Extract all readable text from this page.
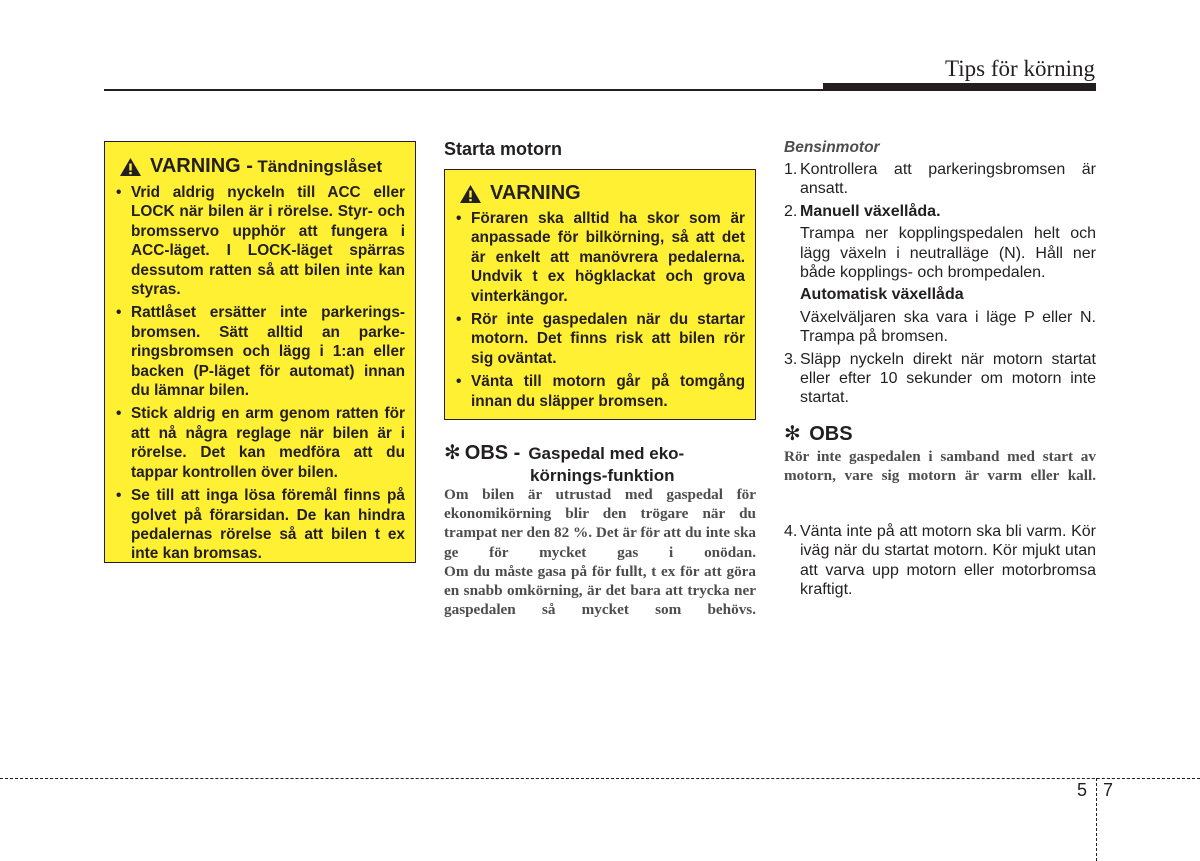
Tips för körning
VARNING - Tändningslåset
• Vrid aldrig nyckeln till ACC eller LOCK när bilen är i rörelse. Styr- och bromsservo upphör att fungera i ACC-läget. I LOCK-läget spärras dessutom ratten så att bilen inte kan styras.
• Rattlåset ersätter inte parkerings- bromsen. Sätt alltid an parke- ringsbromsen och lägg i 1:an eller backen (P-läget för automat) innan du lämnar bilen.
• Stick aldrig en arm genom ratten för att nå några reglage när bilen är i rörelse. Det kan medföra att du tappar kontrollen över bilen.
• Se till att inga lösa föremål finns på golvet på förarsidan. De kan hindra pedalernas rörelse så att bilen t ex inte kan bromsas.
Starta motorn
VARNING
• Föraren ska alltid ha skor som är anpassade för bilkörning, så att det är enkelt att manövrera pedalerna. Undvik t ex högklackat och grova vinterkängor.
• Rör inte gaspedalen när du startar motorn. Det finns risk att bilen rör sig oväntat.
• Vänta till motorn går på tomgång innan du släpper bromsen.
✻ OBS - Gaspedal med eko-
körnings-funktion

Om bilen är utrustad med gaspedal för ekonomikörning blir den trögare när du trampat ner den 82 %. Det är för att du inte ska ge för mycket gas i onödan.

Om du måste gasa på för fullt, t ex för att göra en snabb omkörning, är det bara att trycka ner gaspedalen så mycket som behövs.

Bensinmotor
1. Kontrollera att parkeringsbromsen är ansatt.
2. Manuell växellåda.
Trampa ner kopplingspedalen helt och lägg växeln i neutralläge (N). Håll ner både kopplings- och brompedalen.
Automatisk växellåda
Växelväljaren ska vara i läge P eller N. Trampa på bromsen.
3. Släpp nyckeln direkt när motorn startat eller efter 10 sekunder om motorn inte startat.
✻ OBS
Rör inte gaspedalen i samband med start av motorn, vare sig motorn är varm eller kall.
4. Vänta inte på att motorn ska bli varm. Kör iväg när du startat motorn. Kör mjukt utan att varva upp motorn eller motorbromsa kraftigt.
5 7
